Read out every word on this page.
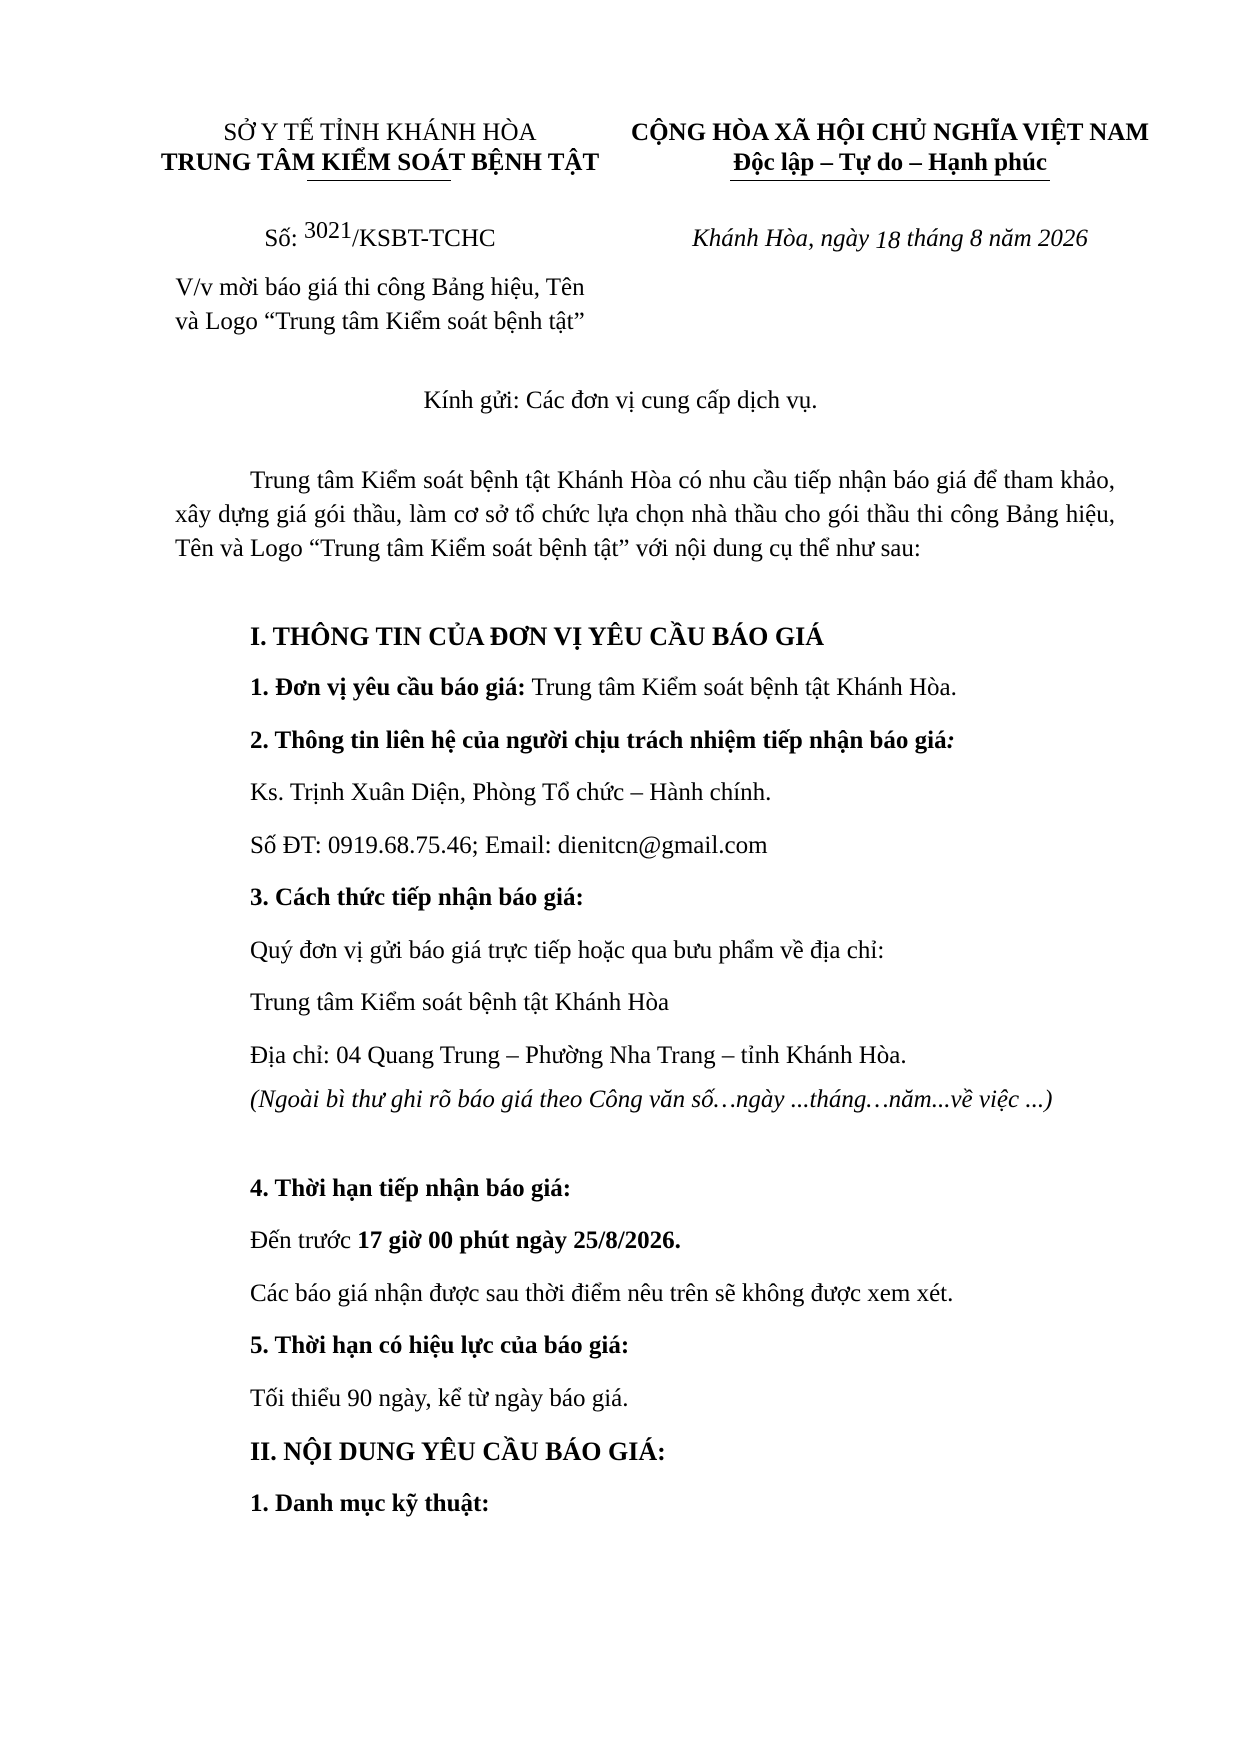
SỞ Y TẾ TỈNH KHÁNH HÒA
TRUNG TÂM KIỂM SOÁT BỆNH TẬT
CỘNG HÒA XÃ HỘI CHỦ NGHĨA VIỆT NAM
Độc lập – Tự do – Hạnh phúc
Số: 3021/KSBT-TCHC	Khánh Hòa, ngày 18 tháng 8 năm 2026
V/v mời báo giá thi công Bảng hiệu, Tên
và Logo “Trung tâm Kiểm soát bệnh tật”
Kính gửi: Các đơn vị cung cấp dịch vụ.
Trung tâm Kiểm soát bệnh tật Khánh Hòa có nhu cầu tiếp nhận báo giá để tham khảo, xây dựng giá gói thầu, làm cơ sở tổ chức lựa chọn nhà thầu cho gói thầu thi công Bảng hiệu, Tên và Logo “Trung tâm Kiểm soát bệnh tật” với nội dung cụ thể như sau:
I. THÔNG TIN CỦA ĐƠN VỊ YÊU CẦU BÁO GIÁ
1. Đơn vị yêu cầu báo giá: Trung tâm Kiểm soát bệnh tật Khánh Hòa.
2. Thông tin liên hệ của người chịu trách nhiệm tiếp nhận báo giá:
Ks. Trịnh Xuân Diện, Phòng Tổ chức – Hành chính.
Số ĐT: 0919.68.75.46; Email: dienitcn@gmail.com
3. Cách thức tiếp nhận báo giá:
Quý đơn vị gửi báo giá trực tiếp hoặc qua bưu phẩm về địa chỉ:
Trung tâm Kiểm soát bệnh tật Khánh Hòa
Địa chỉ: 04 Quang Trung – Phường Nha Trang – tỉnh Khánh Hòa.
(Ngoài bì thư ghi rõ báo giá theo Công văn số…ngày ...tháng…năm...về việc ...)
4. Thời hạn tiếp nhận báo giá:
Đến trước 17 giờ 00 phút ngày 25/8/2026.
Các báo giá nhận được sau thời điểm nêu trên sẽ không được xem xét.
5. Thời hạn có hiệu lực của báo giá:
Tối thiểu 90 ngày, kể từ ngày báo giá.
II. NỘI DUNG YÊU CẦU BÁO GIÁ:
1. Danh mục kỹ thuật:
